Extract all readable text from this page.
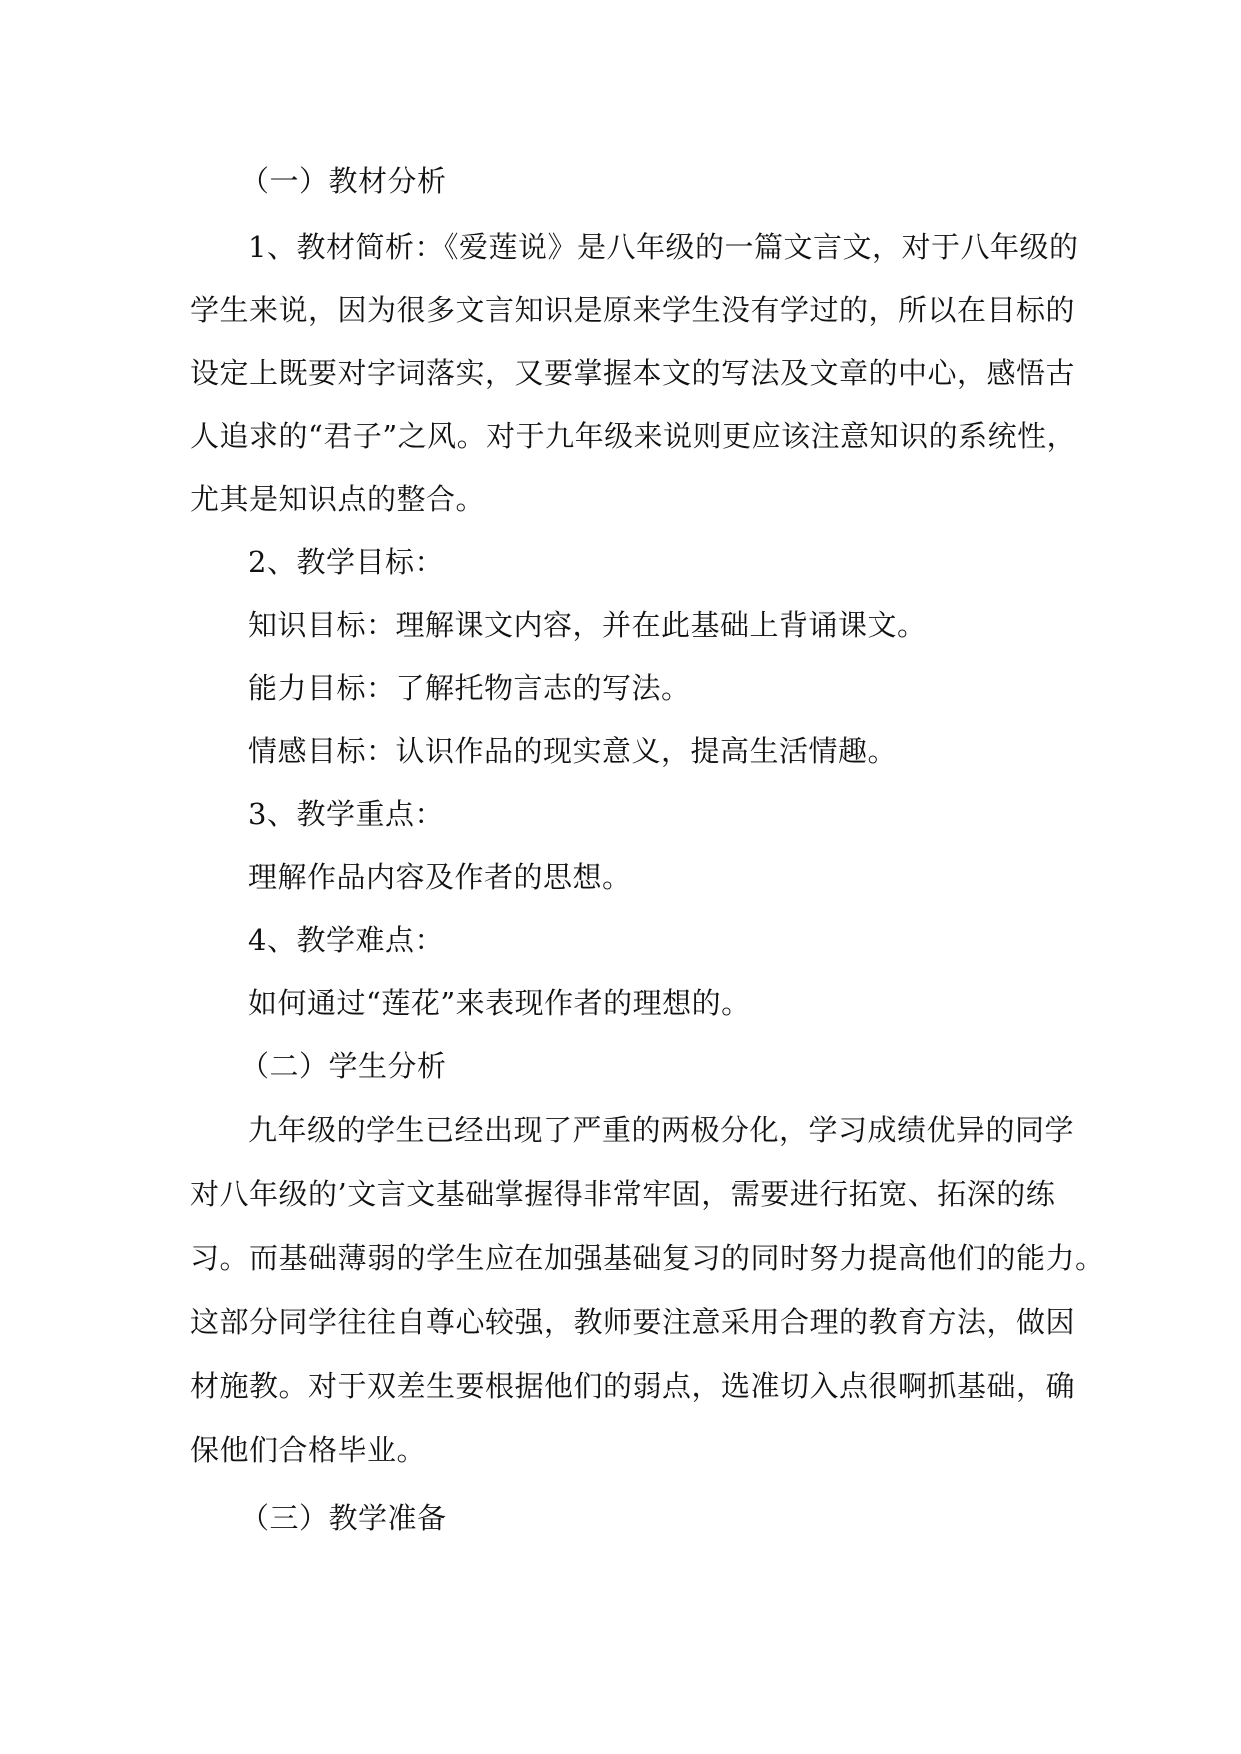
（一）教材分析
1、教材简析：《爱莲说》是八年级的一篇文言文，对于八年级的
学生来说，因为很多文言知识是原来学生没有学过的，所以在目标的
设定上既要对字词落实，又要掌握本文的写法及文章的中心，感悟古
人追求的“君子”之风。对于九年级来说则更应该注意知识的系统性，
尤其是知识点的整合。
2、教学目标：
知识目标：理解课文内容，并在此基础上背诵课文。
能力目标：了解托物言志的写法。
情感目标：认识作品的现实意义，提高生活情趣。
3、教学重点：
理解作品内容及作者的思想。
4、教学难点：
如何通过“莲花”来表现作者的理想的。
（二）学生分析
九年级的学生已经出现了严重的两极分化，学习成绩优异的同学
对八年级的’文言文基础掌握得非常牢固，需要进行拓宽、拓深的练
习。而基础薄弱的学生应在加强基础复习的同时努力提高他们的能力。
这部分同学往往自尊心较强，教师要注意采用合理的教育方法，做因
材施教。对于双差生要根据他们的弱点，选准切入点很啊抓基础，确
保他们合格毕业。
（三）教学准备
